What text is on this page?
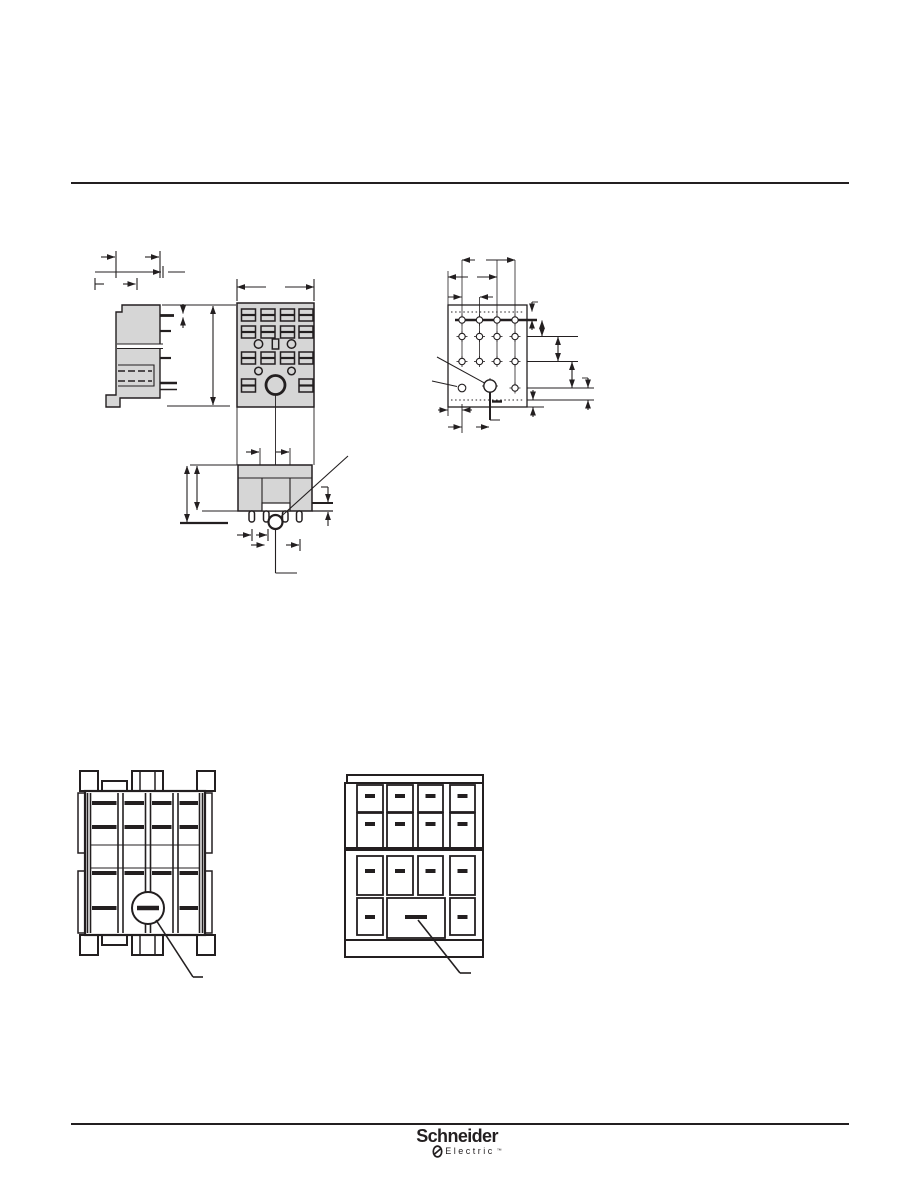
Schneider
Electric ™
